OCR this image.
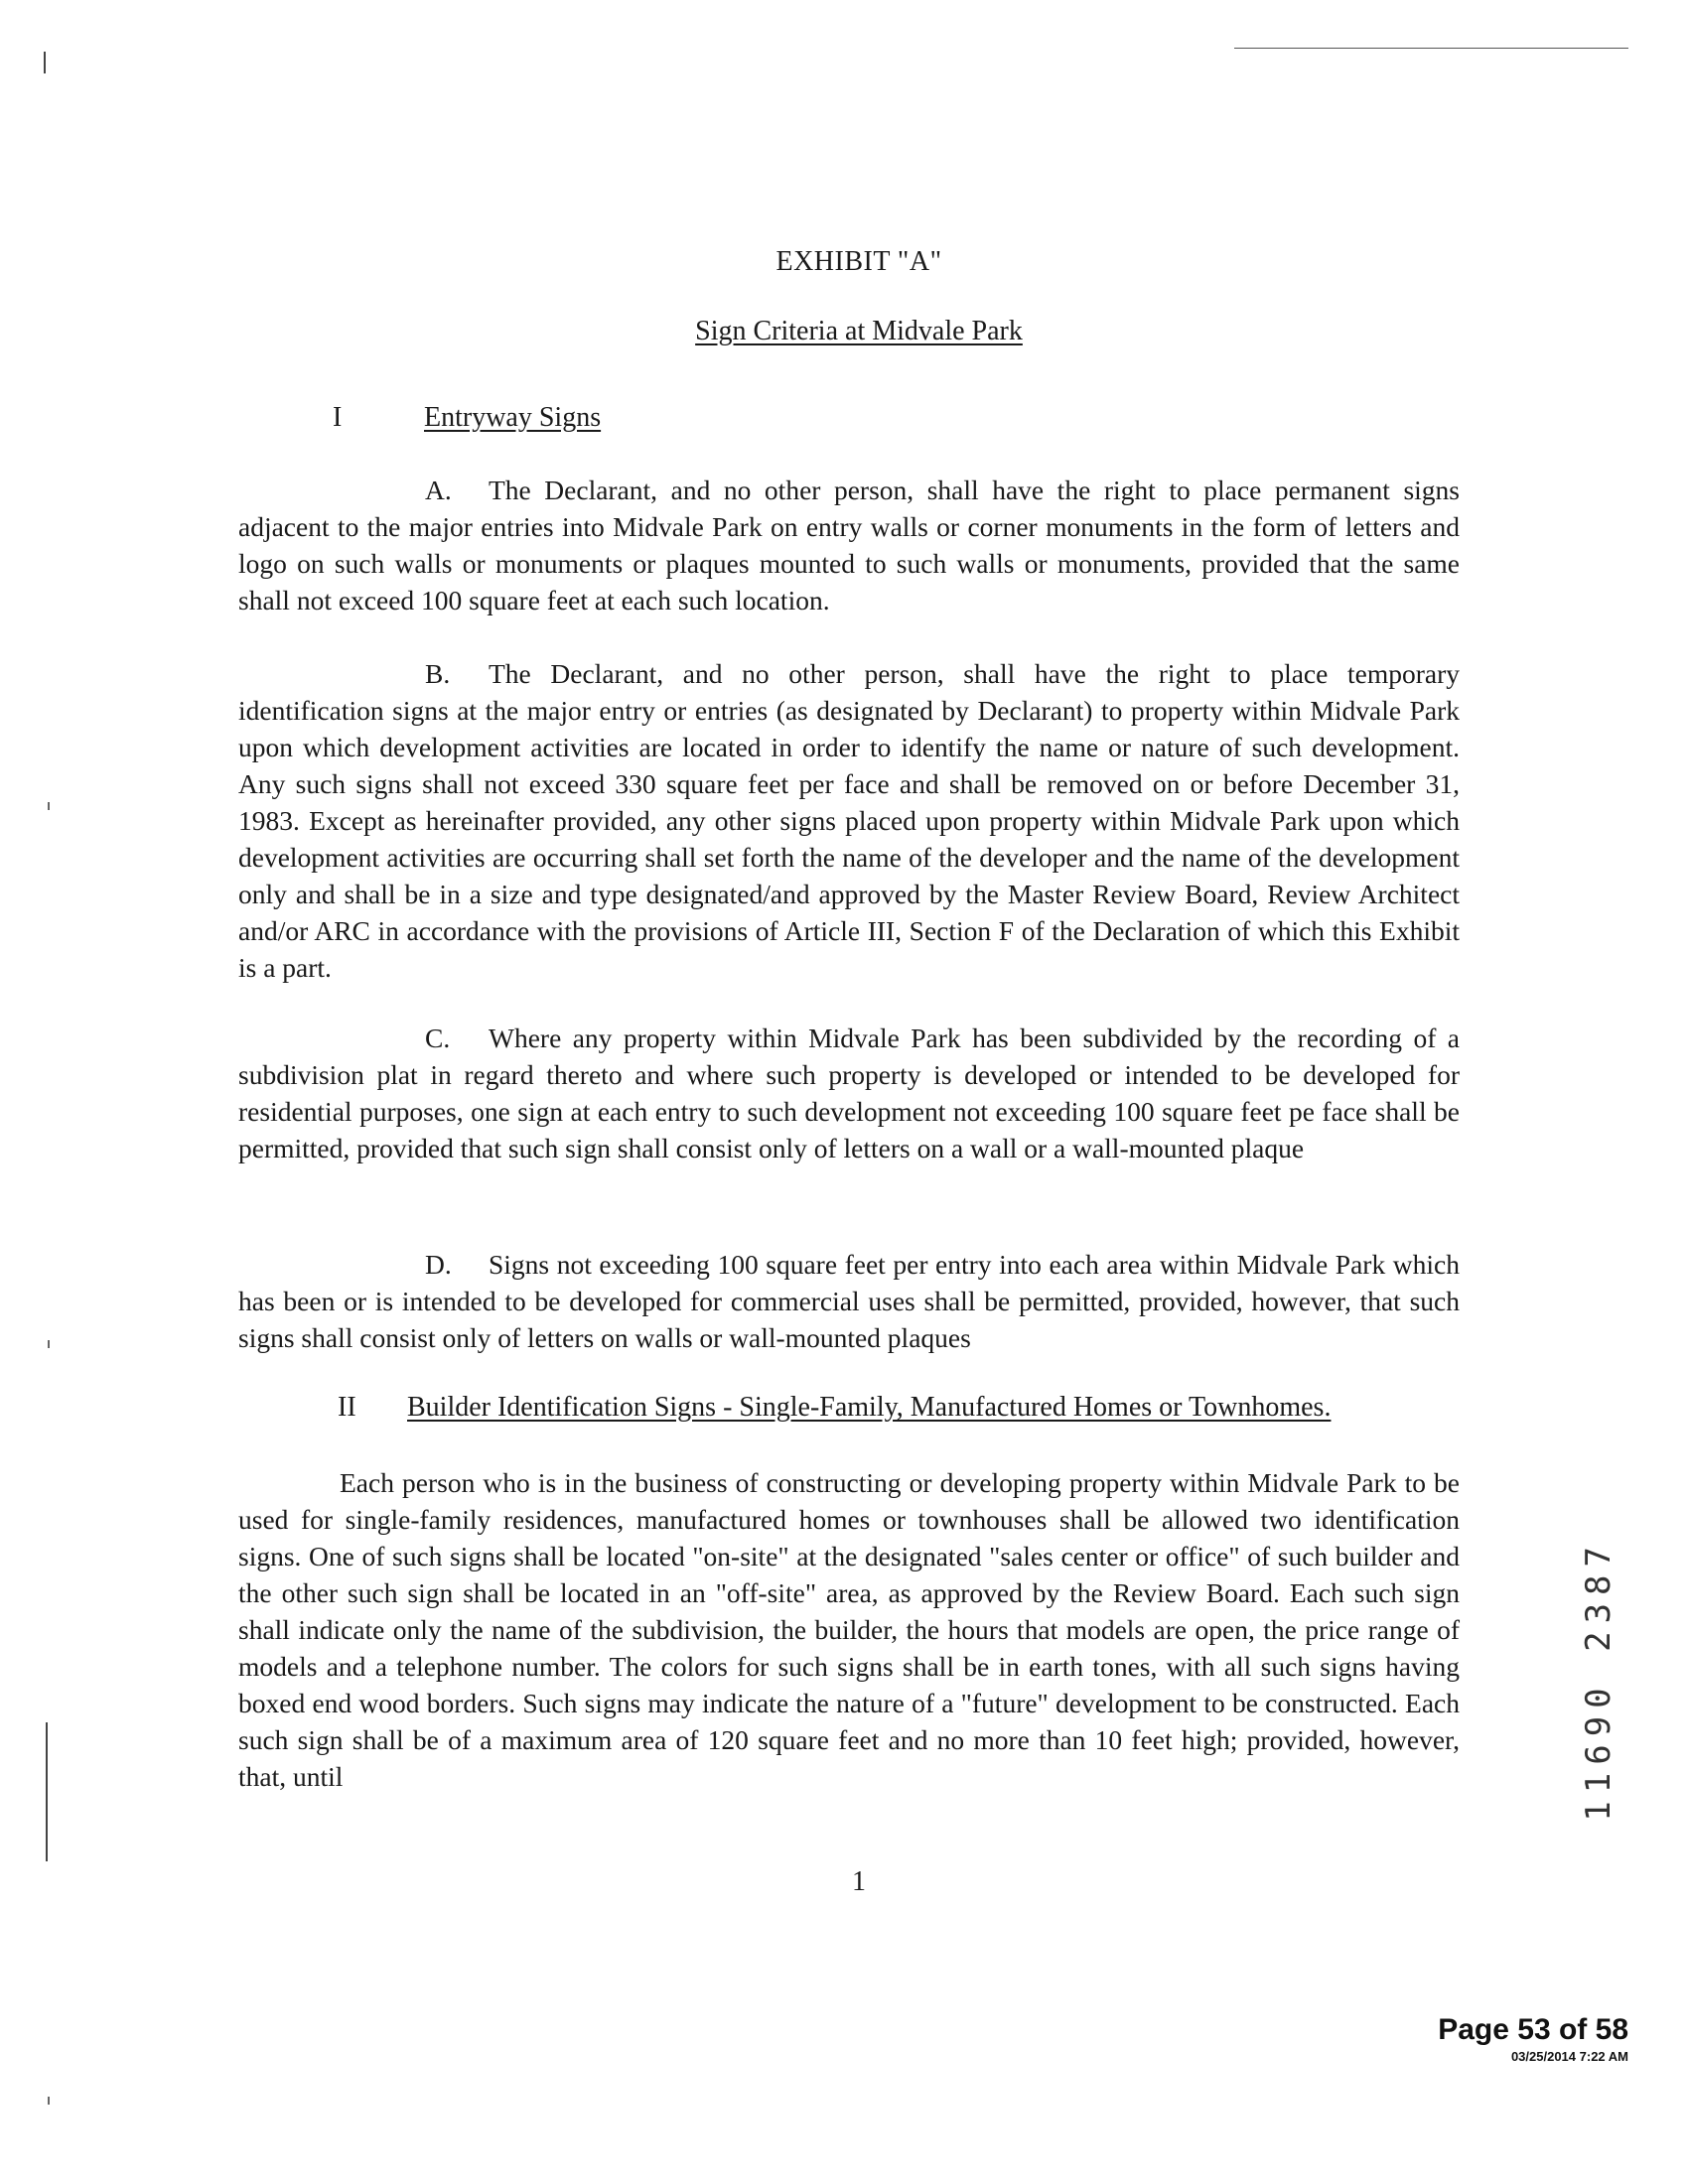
EXHIBIT "A"
Sign Criteria at Midvale Park
I	Entryway Signs
A. The Declarant, and no other person, shall have the right to place permanent signs adjacent to the major entries into Midvale Park on entry walls or corner monuments in the form of letters and logo on such walls or monuments or plaques mounted to such walls or monuments, provided that the same shall not exceed 100 square feet at each such location.
B. The Declarant, and no other person, shall have the right to place temporary identification signs at the major entry or entries (as designated by Declarant) to property within Midvale Park upon which development activities are located in order to identify the name or nature of such development. Any such signs shall not exceed 330 square feet per face and shall be removed on or before December 31, 1983. Except as hereinafter provided, any other signs placed upon property within Midvale Park upon which development activities are occurring shall set forth the name of the developer and the name of the development only and shall be in a size and type designated/and approved by the Master Review Board, Review Architect and/or ARC in accordance with the provisions of Article III, Section F of the Declaration of which this Exhibit is a part.
C. Where any property within Midvale Park has been subdivided by the recording of a subdivision plat in regard thereto and where such property is developed or intended to be developed for residential purposes, one sign at each entry to such development not exceeding 100 square feet pe face shall be permitted, provided that such sign shall consist only of letters on a wall or a wall-mounted plaque
D. Signs not exceeding 100 square feet per entry into each area within Midvale Park which has been or is intended to be developed for commercial uses shall be permitted, provided, however, that such signs shall consist only of letters on walls or wall-mounted plaques
II Builder Identification Signs - Single-Family, Manufactured Homes or Townhomes.
Each person who is in the business of constructing or developing property within Midvale Park to be used for single-family residences, manufactured homes or townhouses shall be allowed two identification signs. One of such signs shall be located "on-site" at the designated "sales center or office" of such builder and the other such sign shall be located in an "off-site" area, as approved by the Review Board. Each such sign shall indicate only the name of the subdivision, the builder, the hours that models are open, the price range of models and a telephone number. The colors for such signs shall be in earth tones, with all such signs having boxed end wood borders. Such signs may indicate the nature of a "future" development to be constructed. Each such sign shall be of a maximum area of 120 square feet and no more than 10 feet high; provided, however, that, until
1
11690 2387
Page 53 of 58
03/25/2014 7:22 AM
